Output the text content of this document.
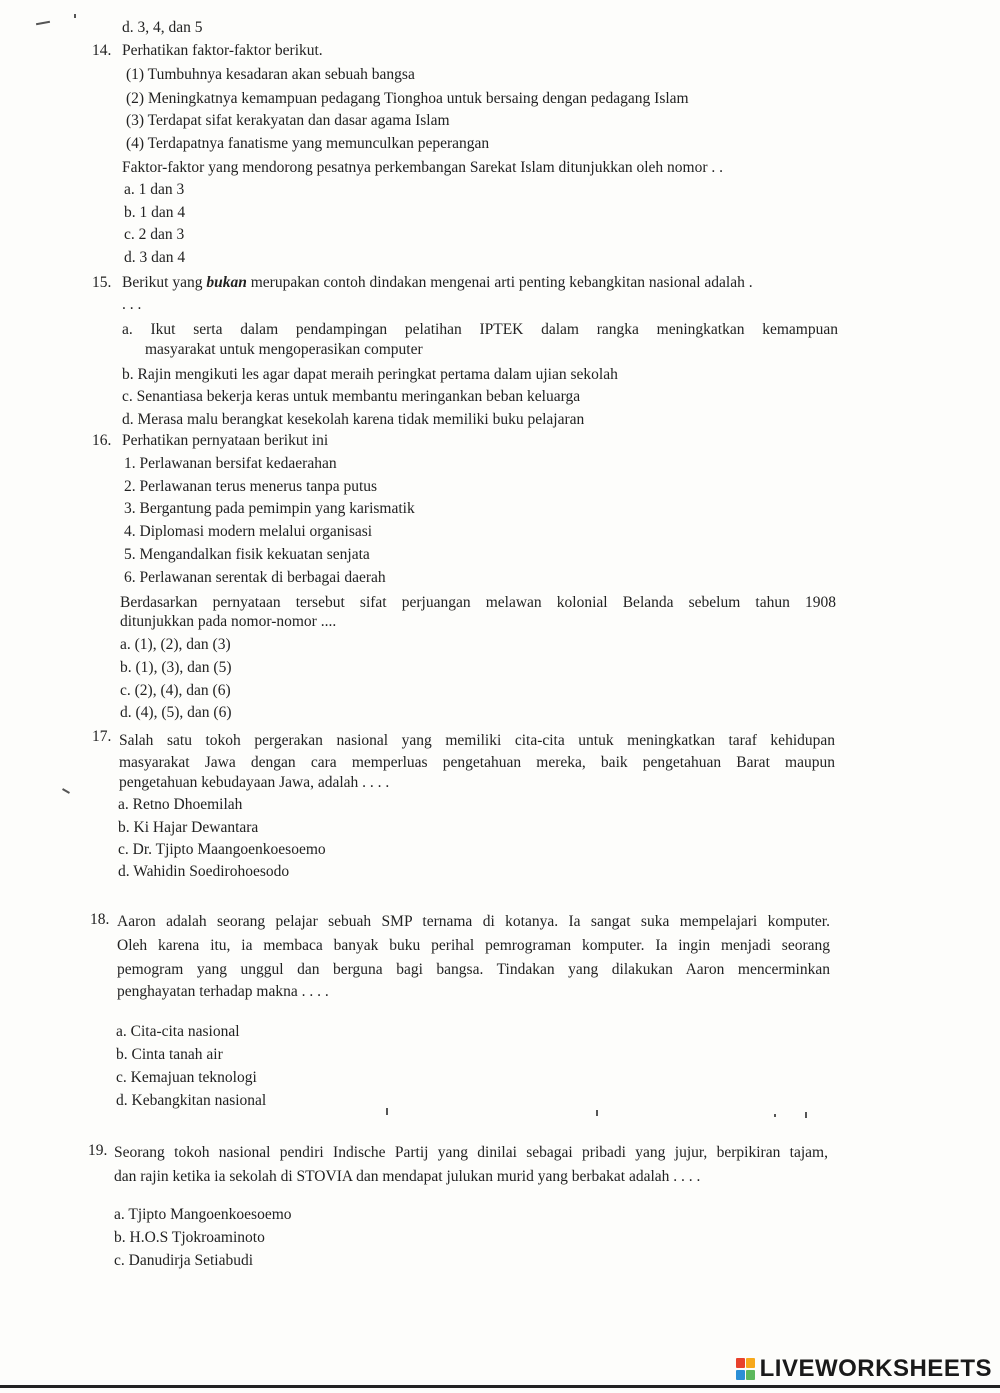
d. 3, 4, dan 5
14. Perhatikan faktor-faktor berikut.
(1) Tumbuhnya kesadaran akan sebuah bangsa
(2) Meningkatnya kemampuan pedagang Tionghoa untuk bersaing dengan pedagang Islam
(3) Terdapat sifat kerakyatan dan dasar agama Islam
(4) Terdapatnya fanatisme yang memunculkan peperangan
Faktor-faktor yang mendorong pesatnya perkembangan Sarekat Islam ditunjukkan oleh nomor . .
a. 1 dan 3
b. 1 dan 4
c. 2 dan 3
d. 3 dan 4
15. Berikut yang bukan merupakan contoh dindakan mengenai arti penting kebangkitan nasional adalah .
. . .
a. Ikut serta dalam pendampingan pelatihan IPTEK dalam rangka meningkatkan kemampuan
masyarakat untuk mengoperasikan computer
b. Rajin mengikuti les agar dapat meraih peringkat pertama dalam ujian sekolah
c. Senantiasa bekerja keras untuk membantu meringankan beban keluarga
d. Merasa malu berangkat kesekolah karena tidak memiliki buku pelajaran
16. Perhatikan pernyataan berikut ini
1. Perlawanan bersifat kedaerahan
2. Perlawanan terus menerus tanpa putus
3. Bergantung pada pemimpin yang karismatik
4. Diplomasi modern melalui organisasi
5. Mengandalkan fisik kekuatan senjata
6. Perlawanan serentak di berbagai daerah
Berdasarkan pernyataan tersebut sifat perjuangan melawan kolonial Belanda sebelum tahun 1908
ditunjukkan pada nomor-nomor ....
a. (1), (2), dan (3)
b. (1), (3), dan (5)
c. (2), (4), dan (6)
d. (4), (5), dan (6)
17. Salah satu tokoh pergerakan nasional yang memiliki cita-cita untuk meningkatkan taraf kehidupan
masyarakat Jawa dengan cara memperluas pengetahuan mereka, baik pengetahuan Barat maupun
pengetahuan kebudayaan Jawa, adalah . . . .
a. Retno Dhoemilah
b. Ki Hajar Dewantara
c. Dr. Tjipto Maangoenkoesoemo
d. Wahidin Soedirohoesodo
18. Aaron adalah seorang pelajar sebuah SMP ternama di kotanya. Ia sangat suka mempelajari komputer.
Oleh karena itu, ia membaca banyak buku perihal pemrograman komputer. Ia ingin menjadi seorang
pemogram yang unggul dan berguna bagi bangsa. Tindakan yang dilakukan Aaron mencerminkan
penghayatan terhadap makna . . . .
a. Cita-cita nasional
b. Cinta tanah air
c. Kemajuan teknologi
d. Kebangkitan nasional
19. Seorang tokoh nasional pendiri Indische Partij yang dinilai sebagai pribadi yang jujur, berpikiran tajam,
dan rajin ketika ia sekolah di STOVIA dan mendapat julukan murid yang berbakat adalah . . . .
a. Tjipto Mangoenkoesoemo
b. H.O.S Tjokroaminoto
c. Danudirja Setiabudi
LIVEWORKSHEETS
